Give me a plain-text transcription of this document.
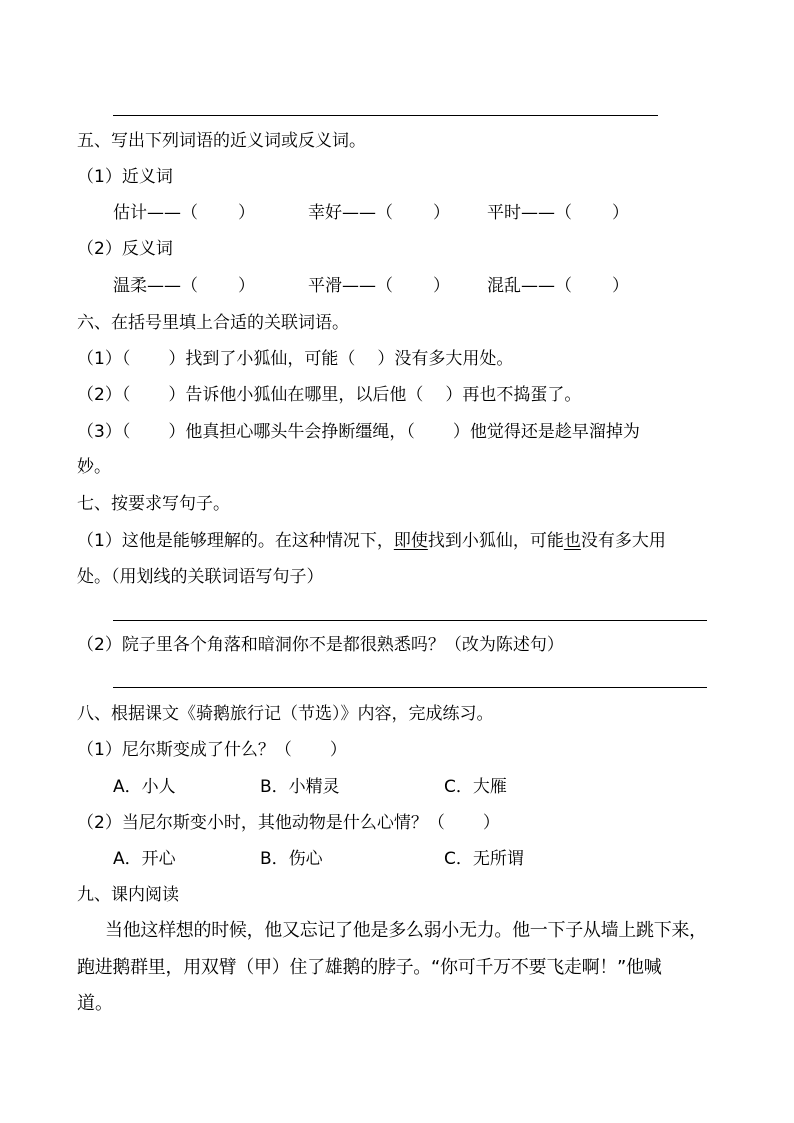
五、写出下列词语的近义词或反义词。
（1）近义词
估计——（ ）	幸好——（ ） 平时——（ ）
（2）反义词
温柔——（ ）	平滑——（ ） 混乱——（ ）
六、在括号里填上合适的关联词语。
（1）（ ）找到了小狐仙，可能（ ）没有多大用处。
（2）（ ）告诉他小狐仙在哪里，以后他（ ）再也不捣蛋了。
（3）（ ）他真担心哪头牛会挣断缰绳，（ ）他觉得还是趁早溜掉为
妙。
七、按要求写句子。
（1）这他是能够理解的。在这种情况下，即使找到小狐仙，可能也没有多大用
处。（用划线的关联词语写句子）
（2）院子里各个角落和暗洞你不是都很熟悉吗？（改为陈述句）
八、根据课文《骑鹅旅行记（节选）》内容，完成练习。
（1）尼尔斯变成了什么？（ ）
A．小人	B．小精灵	C．大雁
（2）当尼尔斯变小时，其他动物是什么心情？（ ）
A．开心	B．伤心	C．无所谓
九、课内阅读
当他这样想的时候，他又忘记了他是多么弱小无力。他一下子从墙上跳下来，
跑进鹅群里，用双臂（甲）住了雄鹅的脖子。“你可千万不要飞走啊！”他喊
道。
